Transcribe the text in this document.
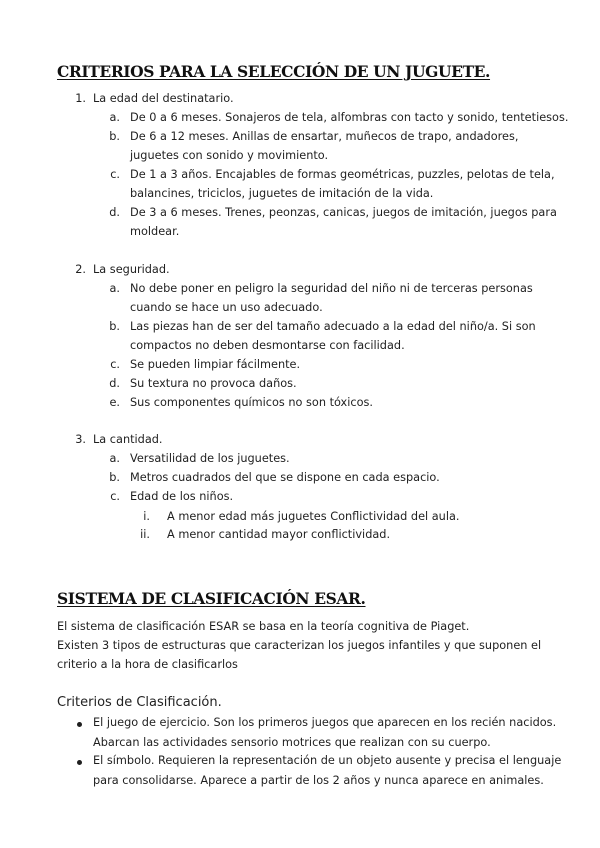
CRITERIOS PARA LA SELECCIÓN DE UN JUGUETE.
1. La edad del destinatario.
a. De 0 a 6 meses. Sonajeros de tela, alfombras con tacto y sonido, tentetiesos.
b. De 6 a 12 meses. Anillas de ensartar, muñecos de trapo, andadores,
juguetes con sonido y movimiento.
c. De 1 a 3 años. Encajables de formas geométricas, puzzles, pelotas de tela,
balancines, triciclos, juguetes de imitación de la vida.
d. De 3 a 6 meses. Trenes, peonzas, canicas, juegos de imitación, juegos para
moldear.
2. La seguridad.
a. No debe poner en peligro la seguridad del niño ni de terceras personas
cuando se hace un uso adecuado.
b. Las piezas han de ser del tamaño adecuado a la edad del niño/a. Si son
compactos no deben desmontarse con facilidad.
c. Se pueden limpiar fácilmente.
d. Su textura no provoca daños.
e. Sus componentes químicos no son tóxicos.
3. La cantidad.
a. Versatilidad de los juguetes.
b. Metros cuadrados del que se dispone en cada espacio.
c. Edad de los niños.
i. A menor edad más juguetes Conflictividad del aula.
ii. A menor cantidad mayor conflictividad.
SISTEMA DE CLASIFICACIÓN ESAR.
El sistema de clasificación ESAR se basa en la teoría cognitiva de Piaget.
Existen 3 tipos de estructuras que caracterizan los juegos infantiles y que suponen el
criterio a la hora de clasificarlos
Criterios de Clasificación.
El juego de ejercicio. Son los primeros juegos que aparecen en los recién nacidos.
Abarcan las actividades sensorio motrices que realizan con su cuerpo.
El símbolo. Requieren la representación de un objeto ausente y precisa el lenguaje
para consolidarse. Aparece a partir de los 2 años y nunca aparece en animales.
